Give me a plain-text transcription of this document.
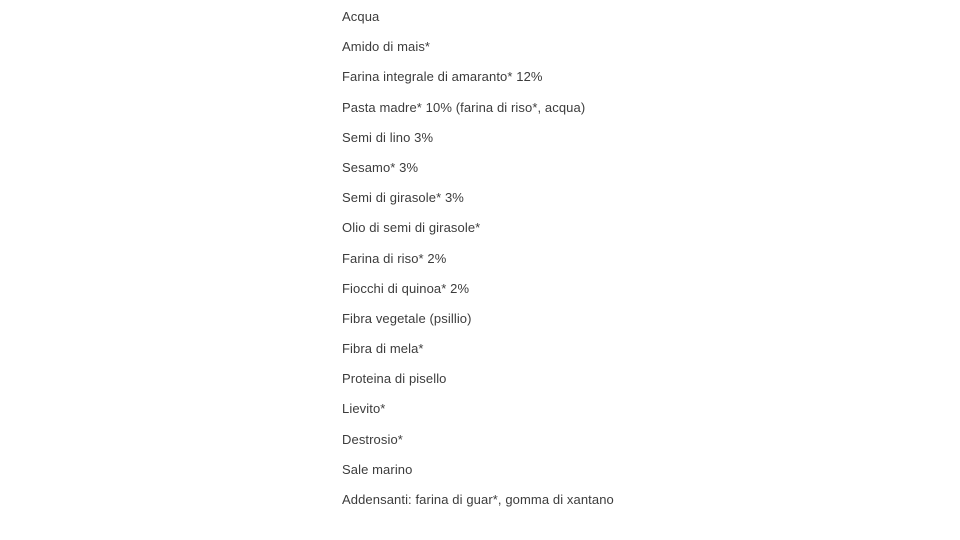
Acqua
Amido di mais*
Farina integrale di amaranto* 12%
Pasta madre* 10% (farina di riso*, acqua)
Semi di lino 3%
Sesamo* 3%
Semi di girasole* 3%
Olio di semi di girasole*
Farina di riso* 2%
Fiocchi di quinoa* 2%
Fibra vegetale (psillio)
Fibra di mela*
Proteina di pisello
Lievito*
Destrosio*
Sale marino
Addensanti: farina di guar*, gomma di xantano
